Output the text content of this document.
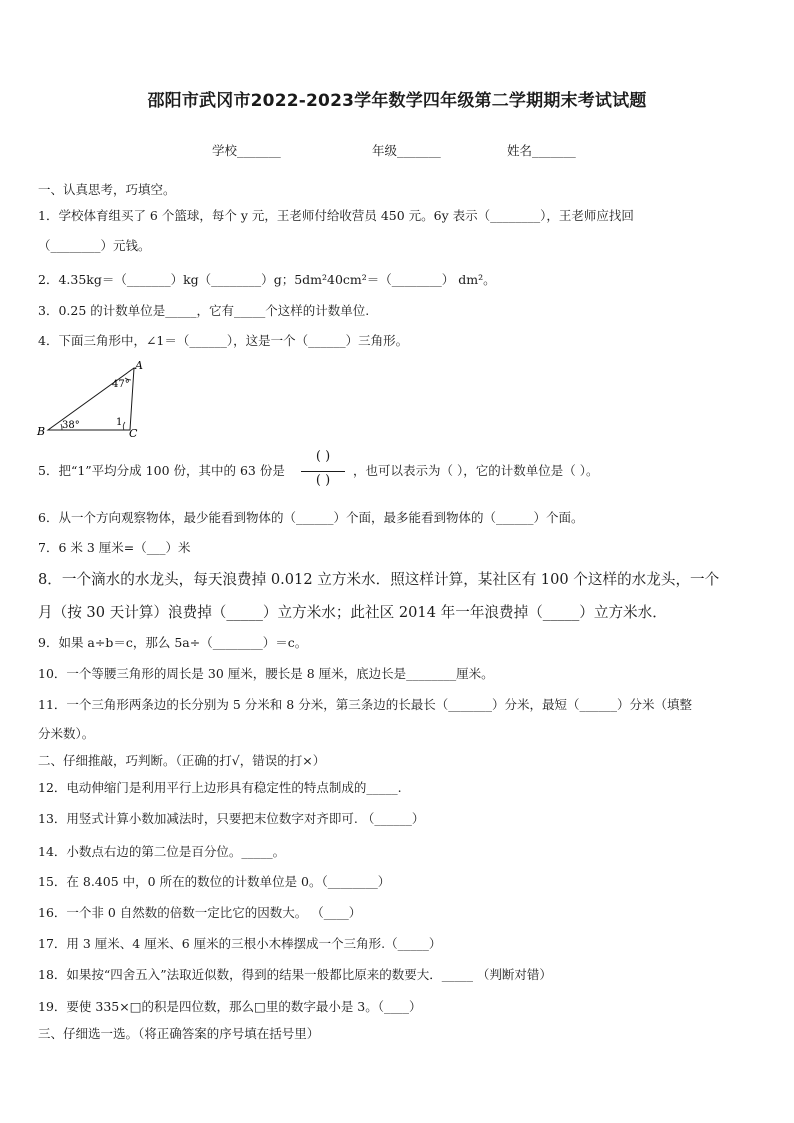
邵阳市武冈市2022-2023学年数学四年级第二学期期末考试试题
学校_______	年级_______	姓名_______
一、认真思考，巧填空。
1．学校体育组买了 6 个篮球，每个 y 元，王老师付给收营员 450 元。6y 表示（________），王老师应找回
（________）元钱。
2．4.35kg＝（_______）kg（________）g；5dm²40cm²＝（________） dm²。
3．0.25 的计数单位是_____，它有_____个这样的计数单位.
4．下面三角形中，∠1＝（______），这是一个（______）三角形。
A
B	C
47°
38°	1
5．把“1”平均分成 100 份，其中的 63 份是
( )
( )
，也可以表示为（ ），它的计数单位是（ ）。
6．从一个方向观察物体，最少能看到物体的（______）个面，最多能看到物体的（______）个面。
7．6 米 3 厘米=（___）米
8．一个滴水的水龙头，每天浪费掉 0.012 立方米水．照这样计算，某社区有 100 个这样的水龙头，一个
月（按 30 天计算）浪费掉（_____）立方米水；此社区 2014 年一年浪费掉（_____）立方米水．
9．如果 a÷b＝c，那么 5a÷（________）＝c。
10．一个等腰三角形的周长是 30 厘米，腰长是 8 厘米，底边长是________厘米。
11．一个三角形两条边的长分别为 5 分米和 8 分米，第三条边的长最长（_______）分米，最短（______）分米（填整
分米数）。
二、仔细推敲，巧判断。（正确的打√，错误的打×）
12．电动伸缩门是利用平行上边形具有稳定性的特点制成的_____.
13．用竖式计算小数加减法时，只要把末位数字对齐即可. （______）
14．小数点右边的第二位是百分位。_____。
15．在 8.405 中，0 所在的数位的计数单位是 0。（________）
16．一个非 0 自然数的倍数一定比它的因数大。 （____）
17．用 3 厘米、4 厘米、6 厘米的三根小木棒摆成一个三角形.（_____）
18．如果按“四舍五入”法取近似数，得到的结果一般都比原来的数要大．_____ （判断对错）
19．要使 335×□的积是四位数，那么□里的数字最小是 3。（____）
三、仔细选一选。（将正确答案的序号填在括号里）
